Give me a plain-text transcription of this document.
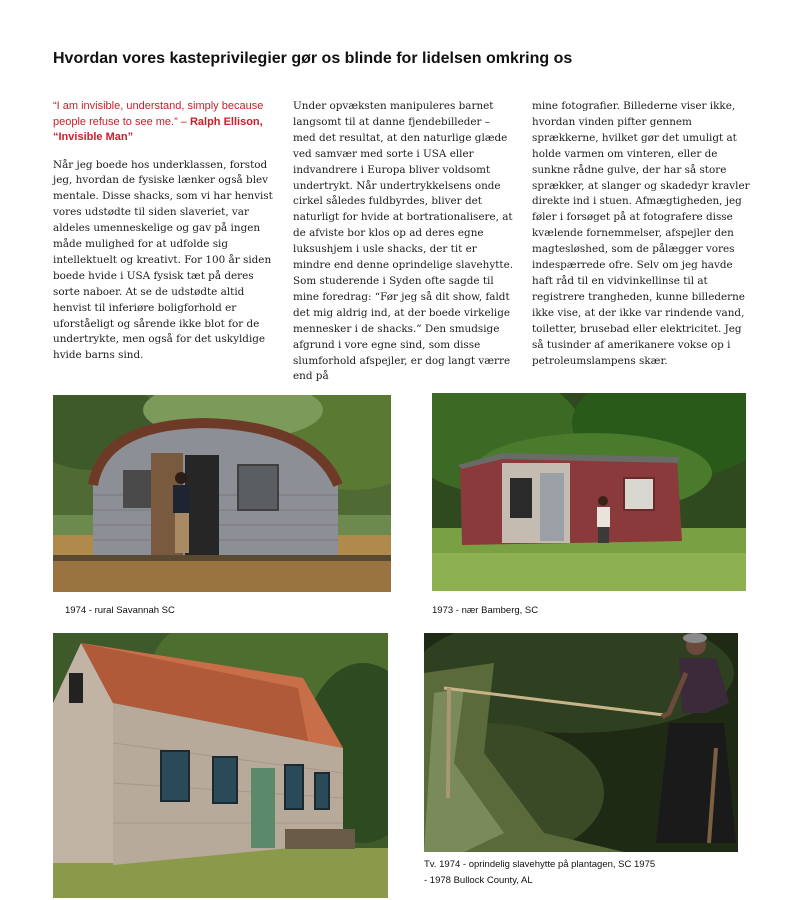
Hvordan vores kasteprivilegier gør os blinde for lidelsen omkring os

“I am invisible, understand, simply because people refuse to see me.” – Ralph Ellison, “Invisible Man”

Når jeg boede hos underklassen, forstod jeg, hvordan de fysiske lænker også blev mentale. Disse shacks, som vi har henvist vores udstødte til siden slaveriet, var aldeles umenneskelige og gav på ingen måde mulighed for at udfolde sig intellektuelt og kreativt. For 100 år siden boede hvide i USA fysisk tæt på deres sorte naboer. At se de udstødte altid henvist til inferiøre boligforhold er uforståeligt og sårende ikke blot for de undertrykte, men også for det uskyldige hvide barns sind.

Under opvæksten manipuleres barnet langsomt til at danne fjendebilleder – med det resultat, at den naturlige glæde ved samvær med sorte i USA eller indvandrere i Europa bliver voldsomt undertrykt. Når undertrykkelsens onde cirkel således fuldbyrdes, bliver det naturligt for hvide at bortrationalisere, at de afviste bor klos op ad deres egne luksushjem i usle shacks, der tit er mindre end denne oprindelige slavehytte. Som studerende i Syden ofte sagde til mine foredrag: “Før jeg så dit show, faldt det mig aldrig ind, at der boede virkelige mennesker i de shacks.” Den smudsige afgrund i vore egne sind, som disse slumforhold afspejler, er dog langt værre end på

mine fotografier. Billederne viser ikke, hvordan vinden pifter gennem sprækkerne, hvilket gør det umuligt at holde varmen om vinteren, eller de sunkne rådne gulve, der har så store sprækker, at slanger og skadedyr kravler direkte ind i stuen. Afmægtigheden, jeg føler i forsøget på at fotografere disse kvælende fornemmelser, afspejler den magtesløshed, som de pålægger vores indespærrede ofre. Selv om jeg havde haft råd til en vidvinkellinse til at registrere trangheden, kunne billederne ikke vise, at der ikke var rindende vand, toiletter, brusebad eller elektricitet. Jeg så tusinder af amerikanere vokse op i petroleumslampens skær.

1974 - rural Savannah SC	1973 - nær Bamberg, SC
Tv. 1974 - oprindelig slavehytte på plantagen, SC 1975
- 1978 Bullock County, AL
